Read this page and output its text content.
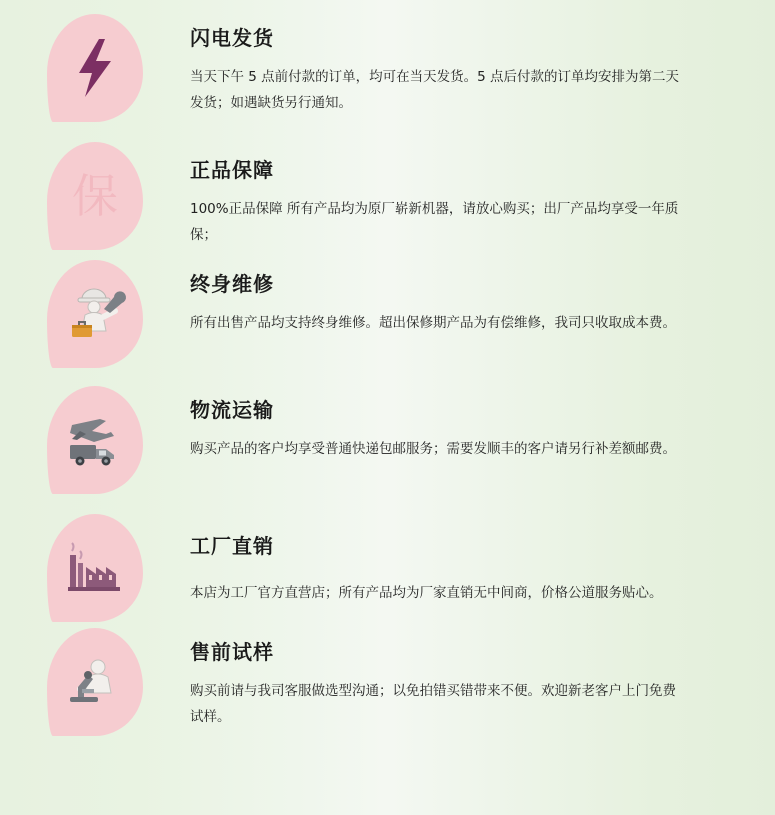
闪电发货

当天下午 5 点前付款的订单，均可在当天发货。5 点后付款的订单均安排为第二天发货；如遇缺货另行通知。

保	正品保障

100%正品保障 所有产品均为原厂崭新机器，请放心购买；出厂产品均享受一年质保；

终身维修

所有出售产品均支持终身维修。超出保修期产品为有偿维修，我司只收取成本费。

物流运输

购买产品的客户均享受普通快递包邮服务；需要发顺丰的客户请另行补差额邮费。

工厂直销

本店为工厂官方直营店；所有产品均为厂家直销无中间商，价格公道服务贴心。

售前试样

购买前请与我司客服做选型沟通；以免拍错买错带来不便。欢迎新老客户上门免费试样。
